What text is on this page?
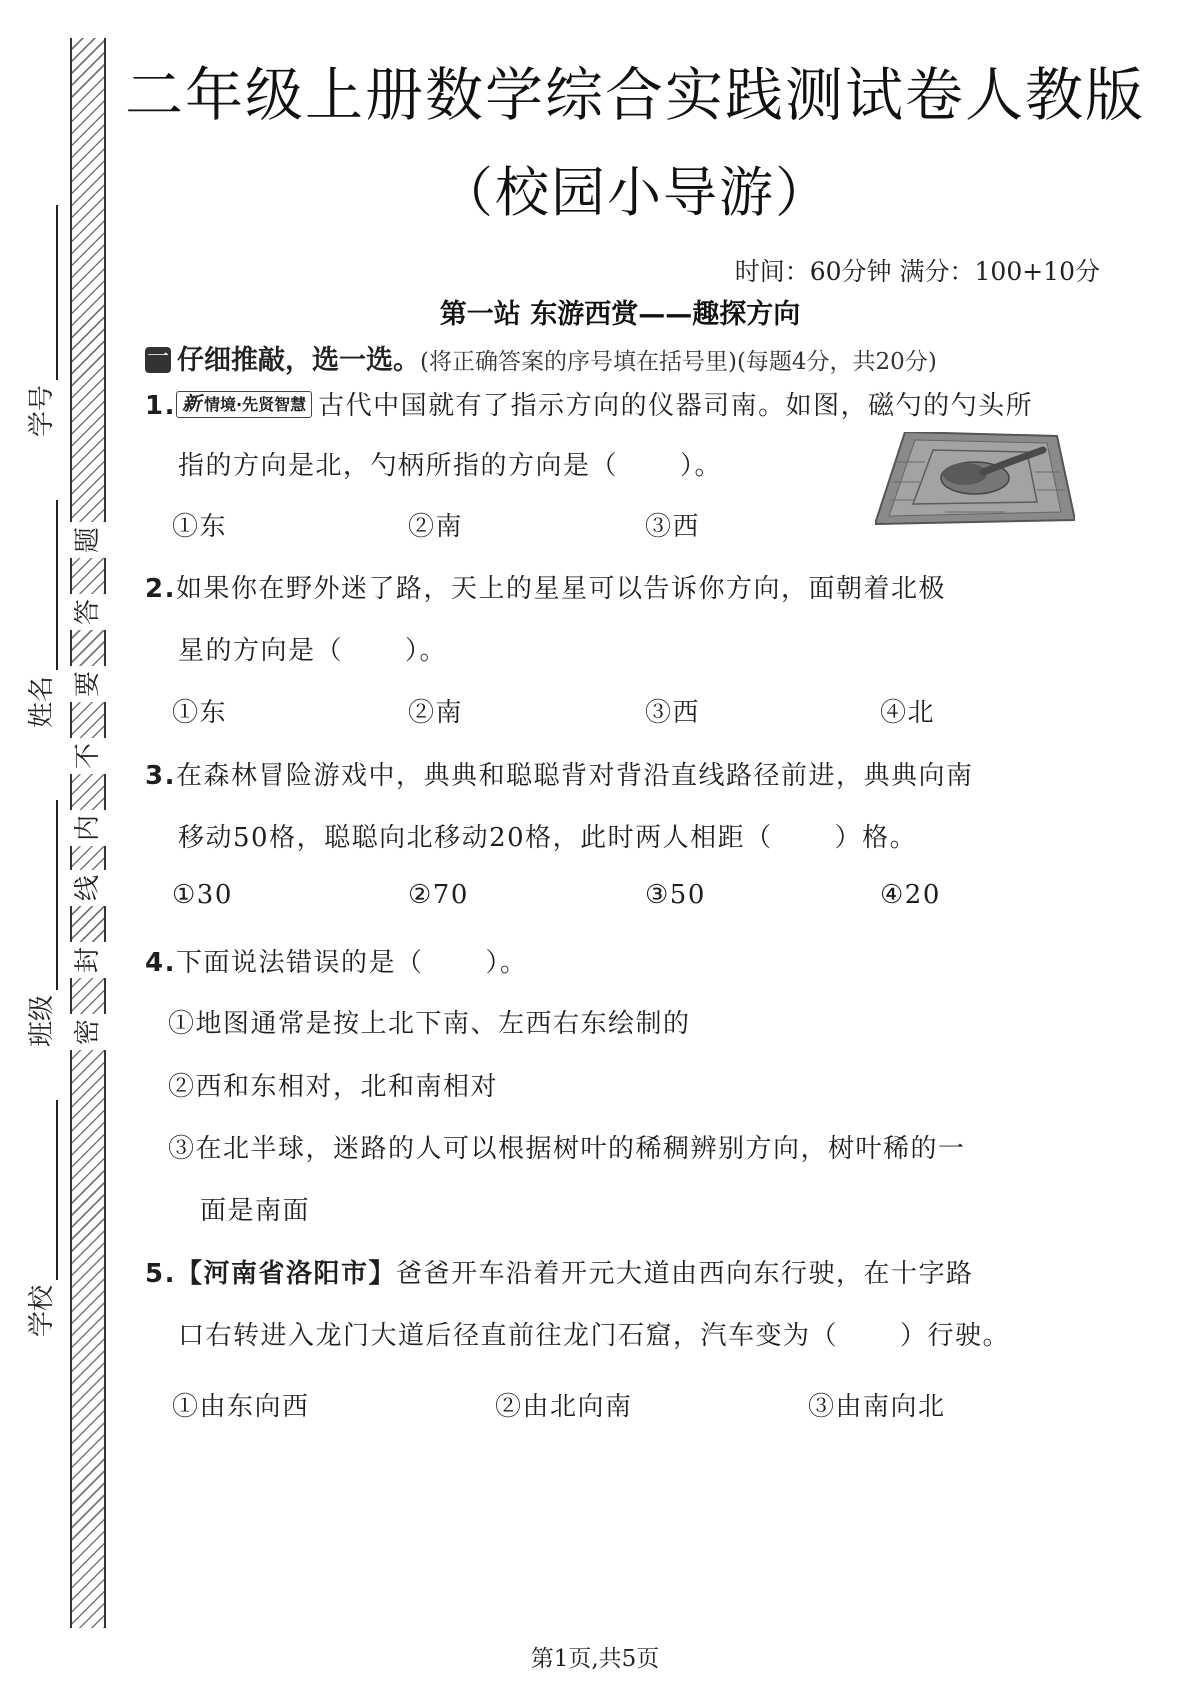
题
答
要
不
内
线
封
密
学号
姓名
班级
学校
二年级上册数学综合实践测试卷人教版
（校园小导游）
时间：60分钟 满分：100+10分
第一站 东游西赏——趣探方向
一 仔细推敲，选一选。(将正确答案的序号填在括号里)(每题4分，共20分)
1. 新 情境·先贤智慧 古代中国就有了指示方向的仪器司南。如图，磁勺的勺头所
指的方向是北，勺柄所指的方向是（ ）。
①东	②南	③西
2.如果你在野外迷了路，天上的星星可以告诉你方向，面朝着北极
星的方向是（ ）。
①东	②南	③西	④北
3.在森林冒险游戏中，典典和聪聪背对背沿直线路径前进，典典向南
移动50格，聪聪向北移动20格，此时两人相距（ ）格。
①30	②70	③50	④20
4.下面说法错误的是（ ）。
①地图通常是按上北下南、左西右东绘制的
②西和东相对，北和南相对
③在北半球，迷路的人可以根据树叶的稀稠辨别方向，树叶稀的一
面是南面
5.【河南省洛阳市】爸爸开车沿着开元大道由西向东行驶，在十字路
口右转进入龙门大道后径直前往龙门石窟，汽车变为（ ）行驶。
①由东向西	②由北向南	③由南向北
第1页,共5页
